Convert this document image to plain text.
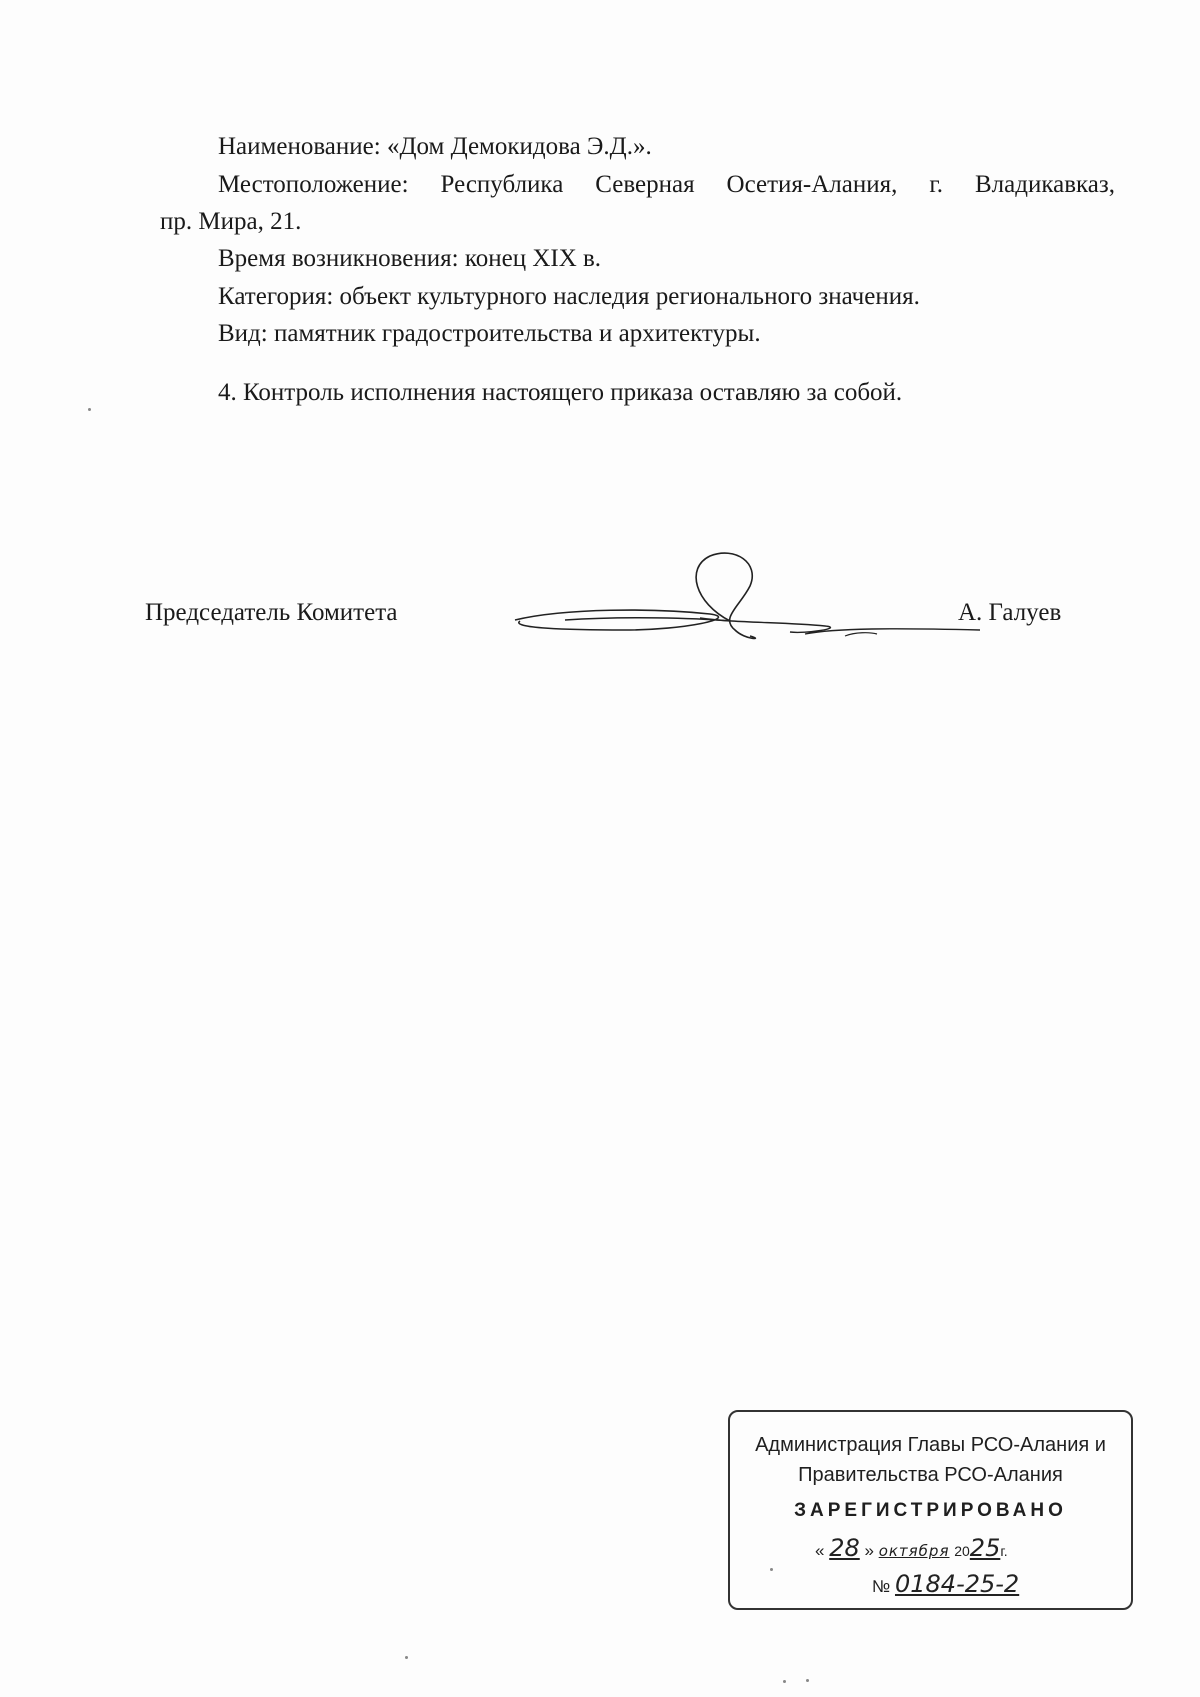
Наименование: «Дом Демокидова Э.Д.».
Местоположение: Республика Северная Осетия-Алания, г. Владикавказ,
пр. Мира, 21.
Время возникновения: конец XIX в.
Категория: объект культурного наследия регионального значения.
Вид: памятник градостроительства и архитектуры.
4. Контроль исполнения настоящего приказа оставляю за собой.
Председатель Комитета	А. Галуев
Администрация Главы РСО-Алания и
Правительства РСО-Алания
ЗАРЕГИСТРИРОВАНО
« 28 » октября 2025г.
№ 0184-25-2
